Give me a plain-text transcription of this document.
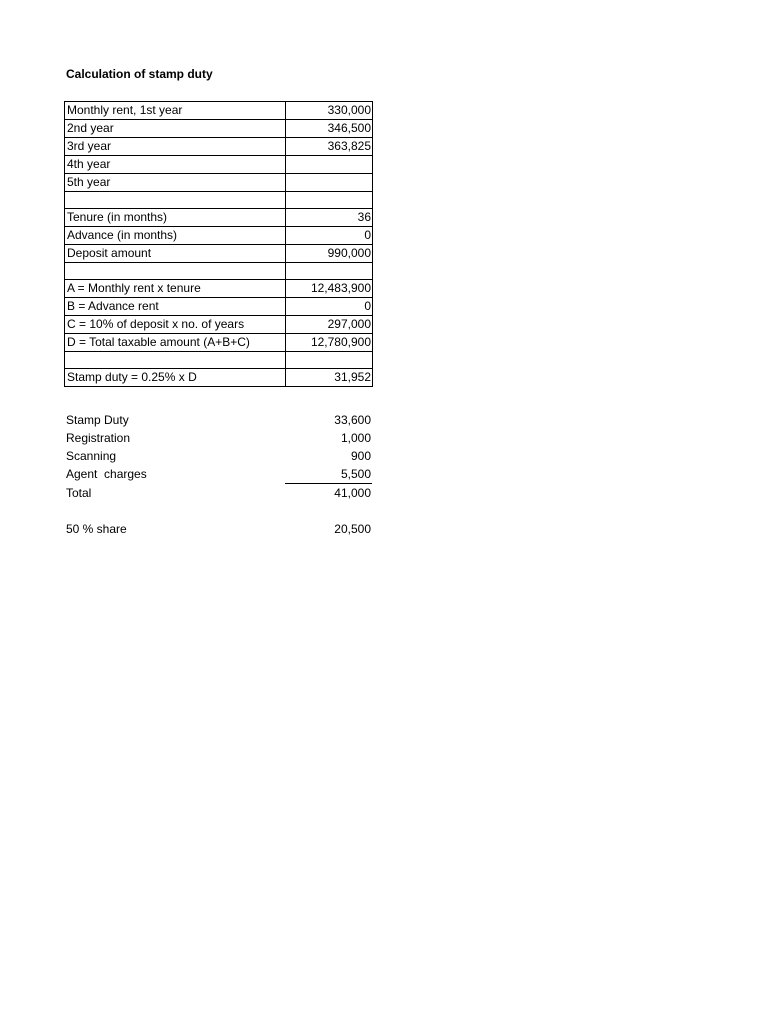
Calculation of stamp duty
Monthly rent, 1st year	330,000
2nd year	346,500
3rd year	363,825
4th year	
5th year	

Tenure (in months)	36
Advance (in months)	0
Deposit amount	990,000

A = Monthly rent x tenure	12,483,900
B = Advance rent	0
C = 10% of deposit x no. of years	297,000
D = Total taxable amount (A+B+C)	12,780,900

Stamp duty = 0.25% x D	31,952
Stamp Duty	33,600
Registration	1,000
Scanning	900
Agent  charges	5,500
Total	41,000

50 % share	20,500
